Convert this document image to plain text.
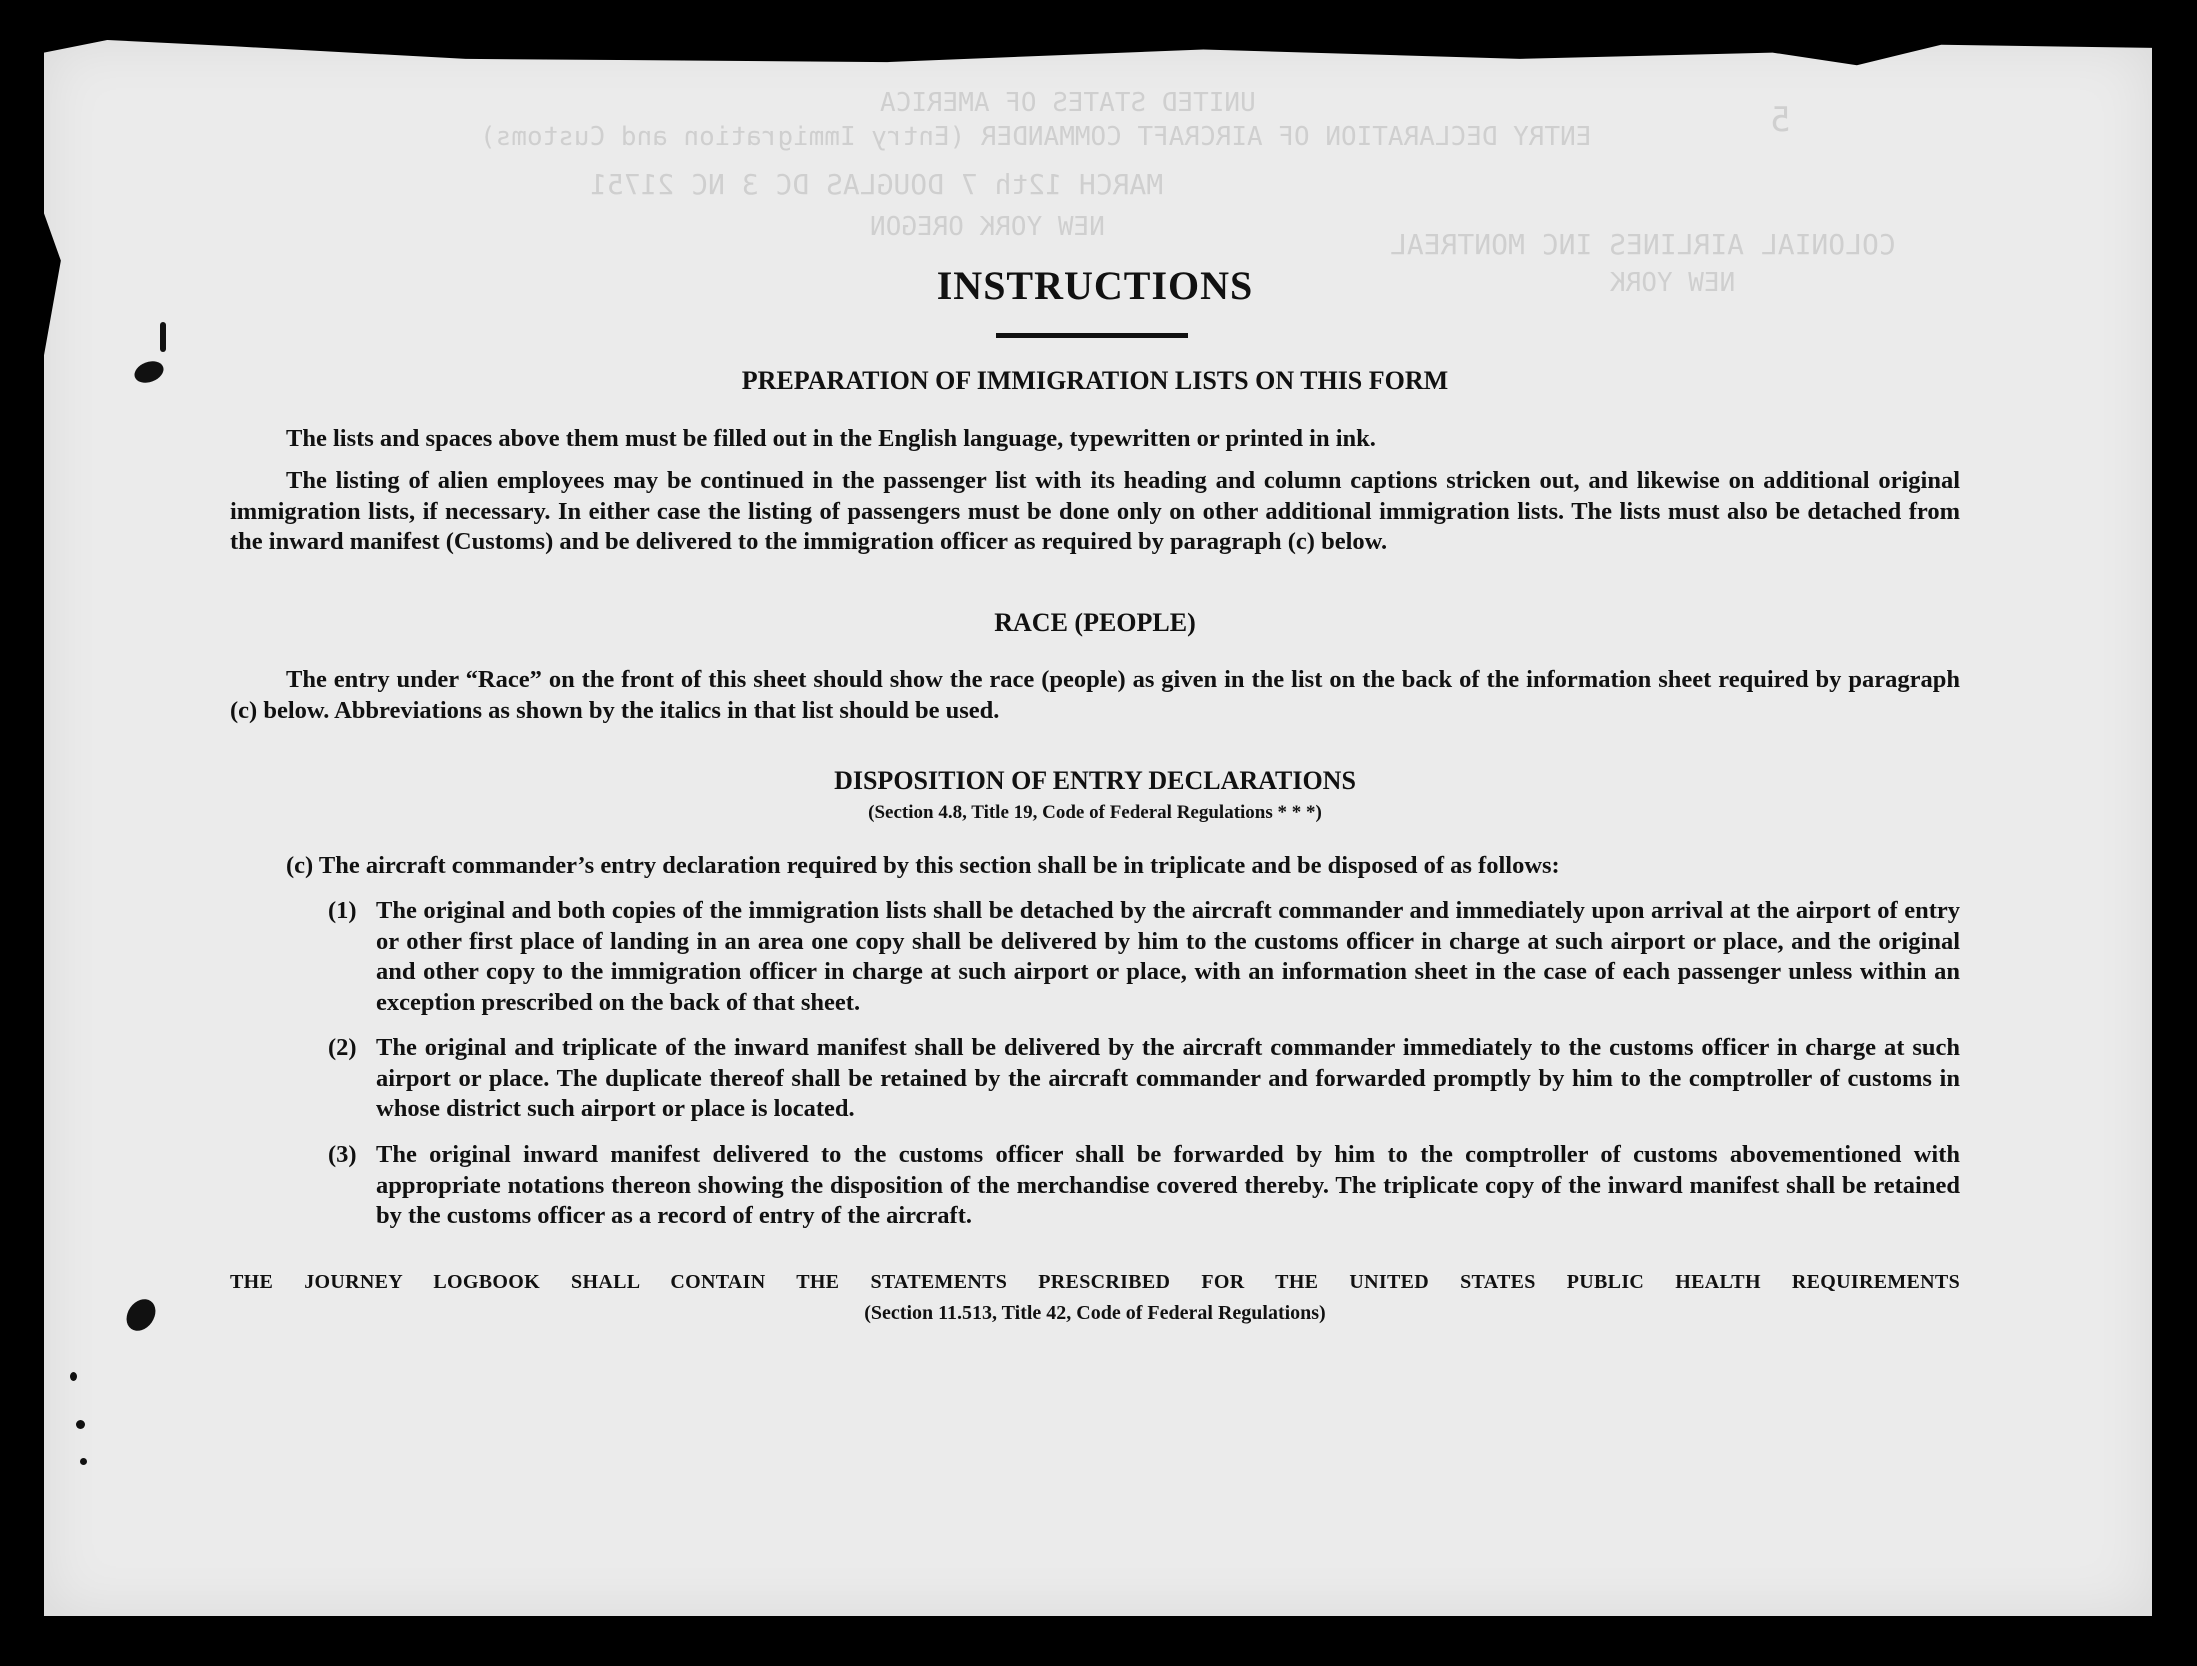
UNITED STATES OF AMERICA
ENTRY DECLARATION OF AIRCRAFT COMMANDER (Entry Immigration and Customs)
MARCH 12th 7 DOUGLAS DC 3 NC 21751
NEW YORK OREGON
COLONIAL AIRLINES INC MONTREAL
NEW YORK
5
INSTRUCTIONS
PREPARATION OF IMMIGRATION LISTS ON THIS FORM
The lists and spaces above them must be filled out in the English language, typewritten or printed in ink.
The listing of alien employees may be continued in the passenger list with its heading and column captions stricken out, and likewise on additional original immigration lists, if necessary. In either case the listing of passengers must be done only on other additional immigration lists. The lists must also be detached from the inward manifest (Customs) and be delivered to the immigration officer as required by paragraph (c) below.
RACE (PEOPLE)
The entry under “Race” on the front of this sheet should show the race (people) as given in the list on the back of the information sheet required by paragraph (c) below. Abbreviations as shown by the italics in that list should be used.
DISPOSITION OF ENTRY DECLARATIONS
(Section 4.8, Title 19, Code of Federal Regulations * * *)
(c) The aircraft commander’s entry declaration required by this section shall be in triplicate and be disposed of as follows:
(1) The original and both copies of the immigration lists shall be detached by the aircraft commander and immediately upon arrival at the airport of entry or other first place of landing in an area one copy shall be delivered by him to the customs officer in charge at such airport or place, and the original and other copy to the immigration officer in charge at such airport or place, with an information sheet in the case of each passenger unless within an exception prescribed on the back of that sheet.
(2) The original and triplicate of the inward manifest shall be delivered by the aircraft commander immediately to the customs officer in charge at such airport or place. The duplicate thereof shall be retained by the aircraft commander and forwarded promptly by him to the comptroller of customs in whose district such airport or place is located.
(3) The original inward manifest delivered to the customs officer shall be forwarded by him to the comptroller of customs abovementioned with appropriate notations thereon showing the disposition of the merchandise covered thereby. The triplicate copy of the inward manifest shall be retained by the customs officer as a record of entry of the aircraft.
THE JOURNEY LOGBOOK SHALL CONTAIN THE STATEMENTS PRESCRIBED FOR THE UNITED STATES PUBLIC HEALTH REQUIREMENTS
(Section 11.513, Title 42, Code of Federal Regulations)
